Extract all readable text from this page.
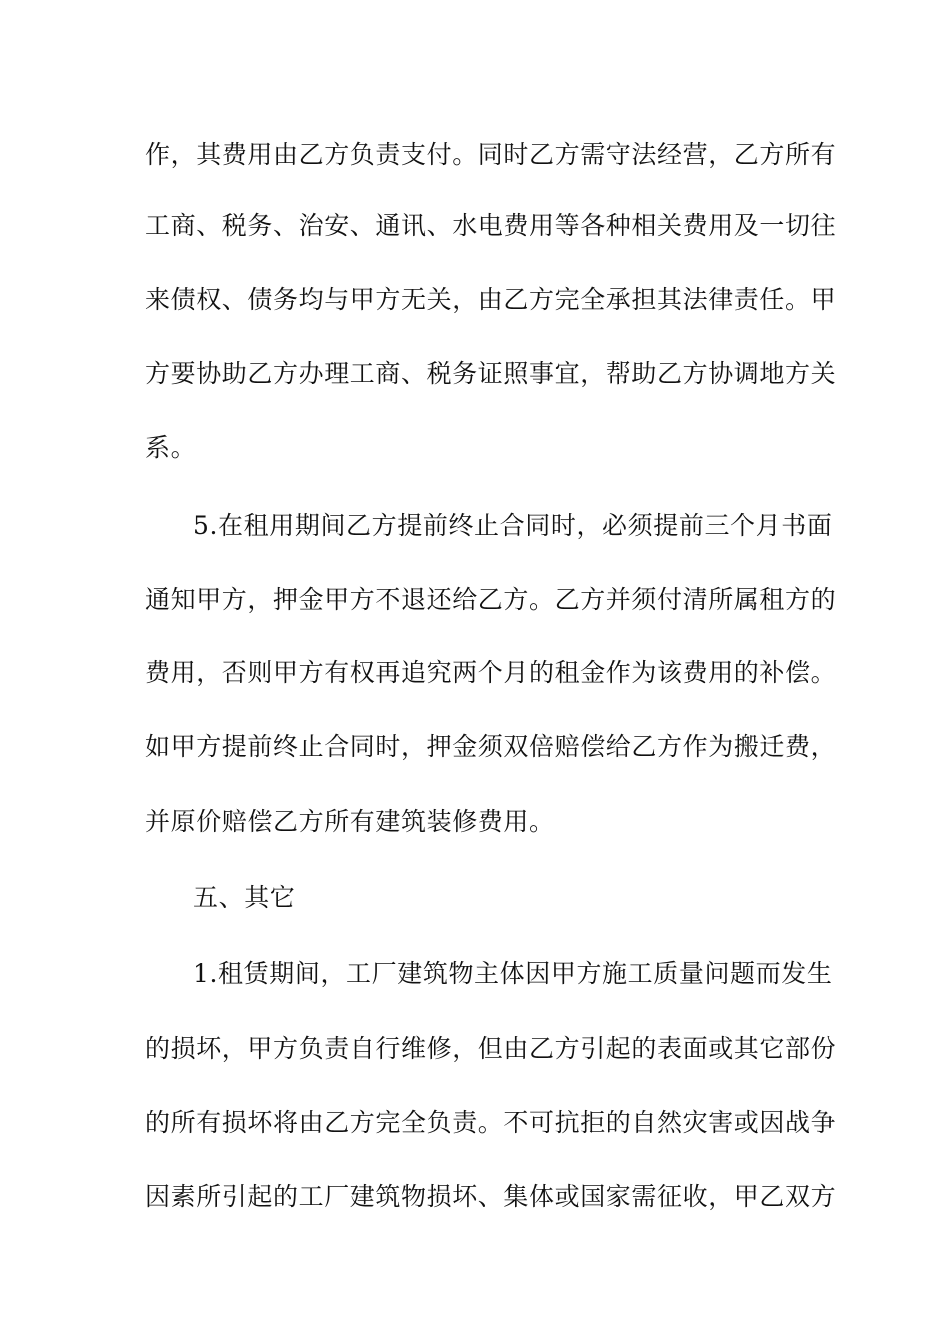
作，其费用由乙方负责支付。同时乙方需守法经营，乙方所有
工商、税务、治安、通讯、水电费用等各种相关费用及一切往
来债权、债务均与甲方无关，由乙方完全承担其法律责任。甲
方要协助乙方办理工商、税务证照事宜，帮助乙方协调地方关
系。
5.在租用期间乙方提前终止合同时，必须提前三个月书面
通知甲方，押金甲方不退还给乙方。乙方并须付清所属租方的
费用，否则甲方有权再追究两个月的租金作为该费用的补偿。
如甲方提前终止合同时，押金须双倍赔偿给乙方作为搬迁费，
并原价赔偿乙方所有建筑装修费用。
五、其它
1.租赁期间，工厂建筑物主体因甲方施工质量问题而发生
的损坏，甲方负责自行维修，但由乙方引起的表面或其它部份
的所有损坏将由乙方完全负责。不可抗拒的自然灾害或因战争
因素所引起的工厂建筑物损坏、集体或国家需征收，甲乙双方
